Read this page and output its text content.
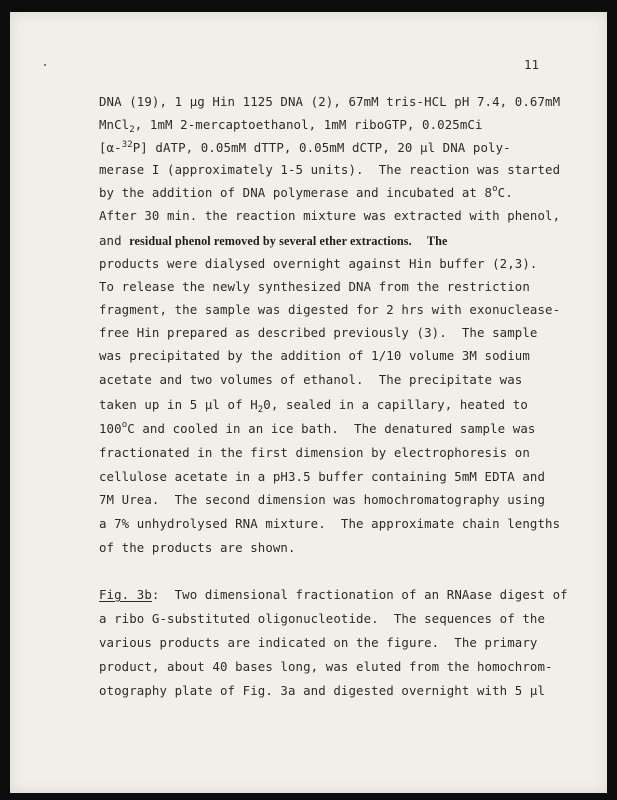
11
DNA (19), 1 µg Hin 1125 DNA (2), 67mM tris-HCL pH 7.4, 0.67mM
MnCl$_2$, 1mM 2-mercaptoethanol, 1mM riboGTP, 0.025mCi
[α-$^{32}$P] dATP, 0.05mM dTTP, 0.05mM dCTP, 20 µl DNA poly-
merase I (approximately 1-5 units).  The reaction was started
by the addition of DNA polymerase and incubated at 8$^o$C.
After 30 min. the reaction mixture was extracted with phenol,
and residual phenol removed by several ether extractions. The
products were dialysed overnight against Hin buffer (2,3).
To release the newly synthesized DNA from the restriction
fragment, the sample was digested for 2 hrs with exonuclease-
free Hin prepared as described previously (3).  The sample
was precipitated by the addition of 1/10 volume 3M sodium
acetate and two volumes of ethanol.  The precipitate was
taken up in 5 µl of $H_20$, sealed in a capillary, heated to
100$^o$C and cooled in an ice bath.  The denatured sample was
fractionated in the first dimension by electrophoresis on
cellulose acetate in a pH3.5 buffer containing 5mM EDTA and
7M Urea.  The second dimension was homochromatography using
a 7% unhydrolysed RNA mixture.  The approximate chain lengths
of the products are shown.
Fig. 3b:  Two dimensional fractionation of an RNAase digest of
a ribo G-substituted oligonucleotide.  The sequences of the
various products are indicated on the figure.  The primary
product, about 40 bases long, was eluted from the homochrom-
otography plate of Fig. 3a and digested overnight with 5 µl
